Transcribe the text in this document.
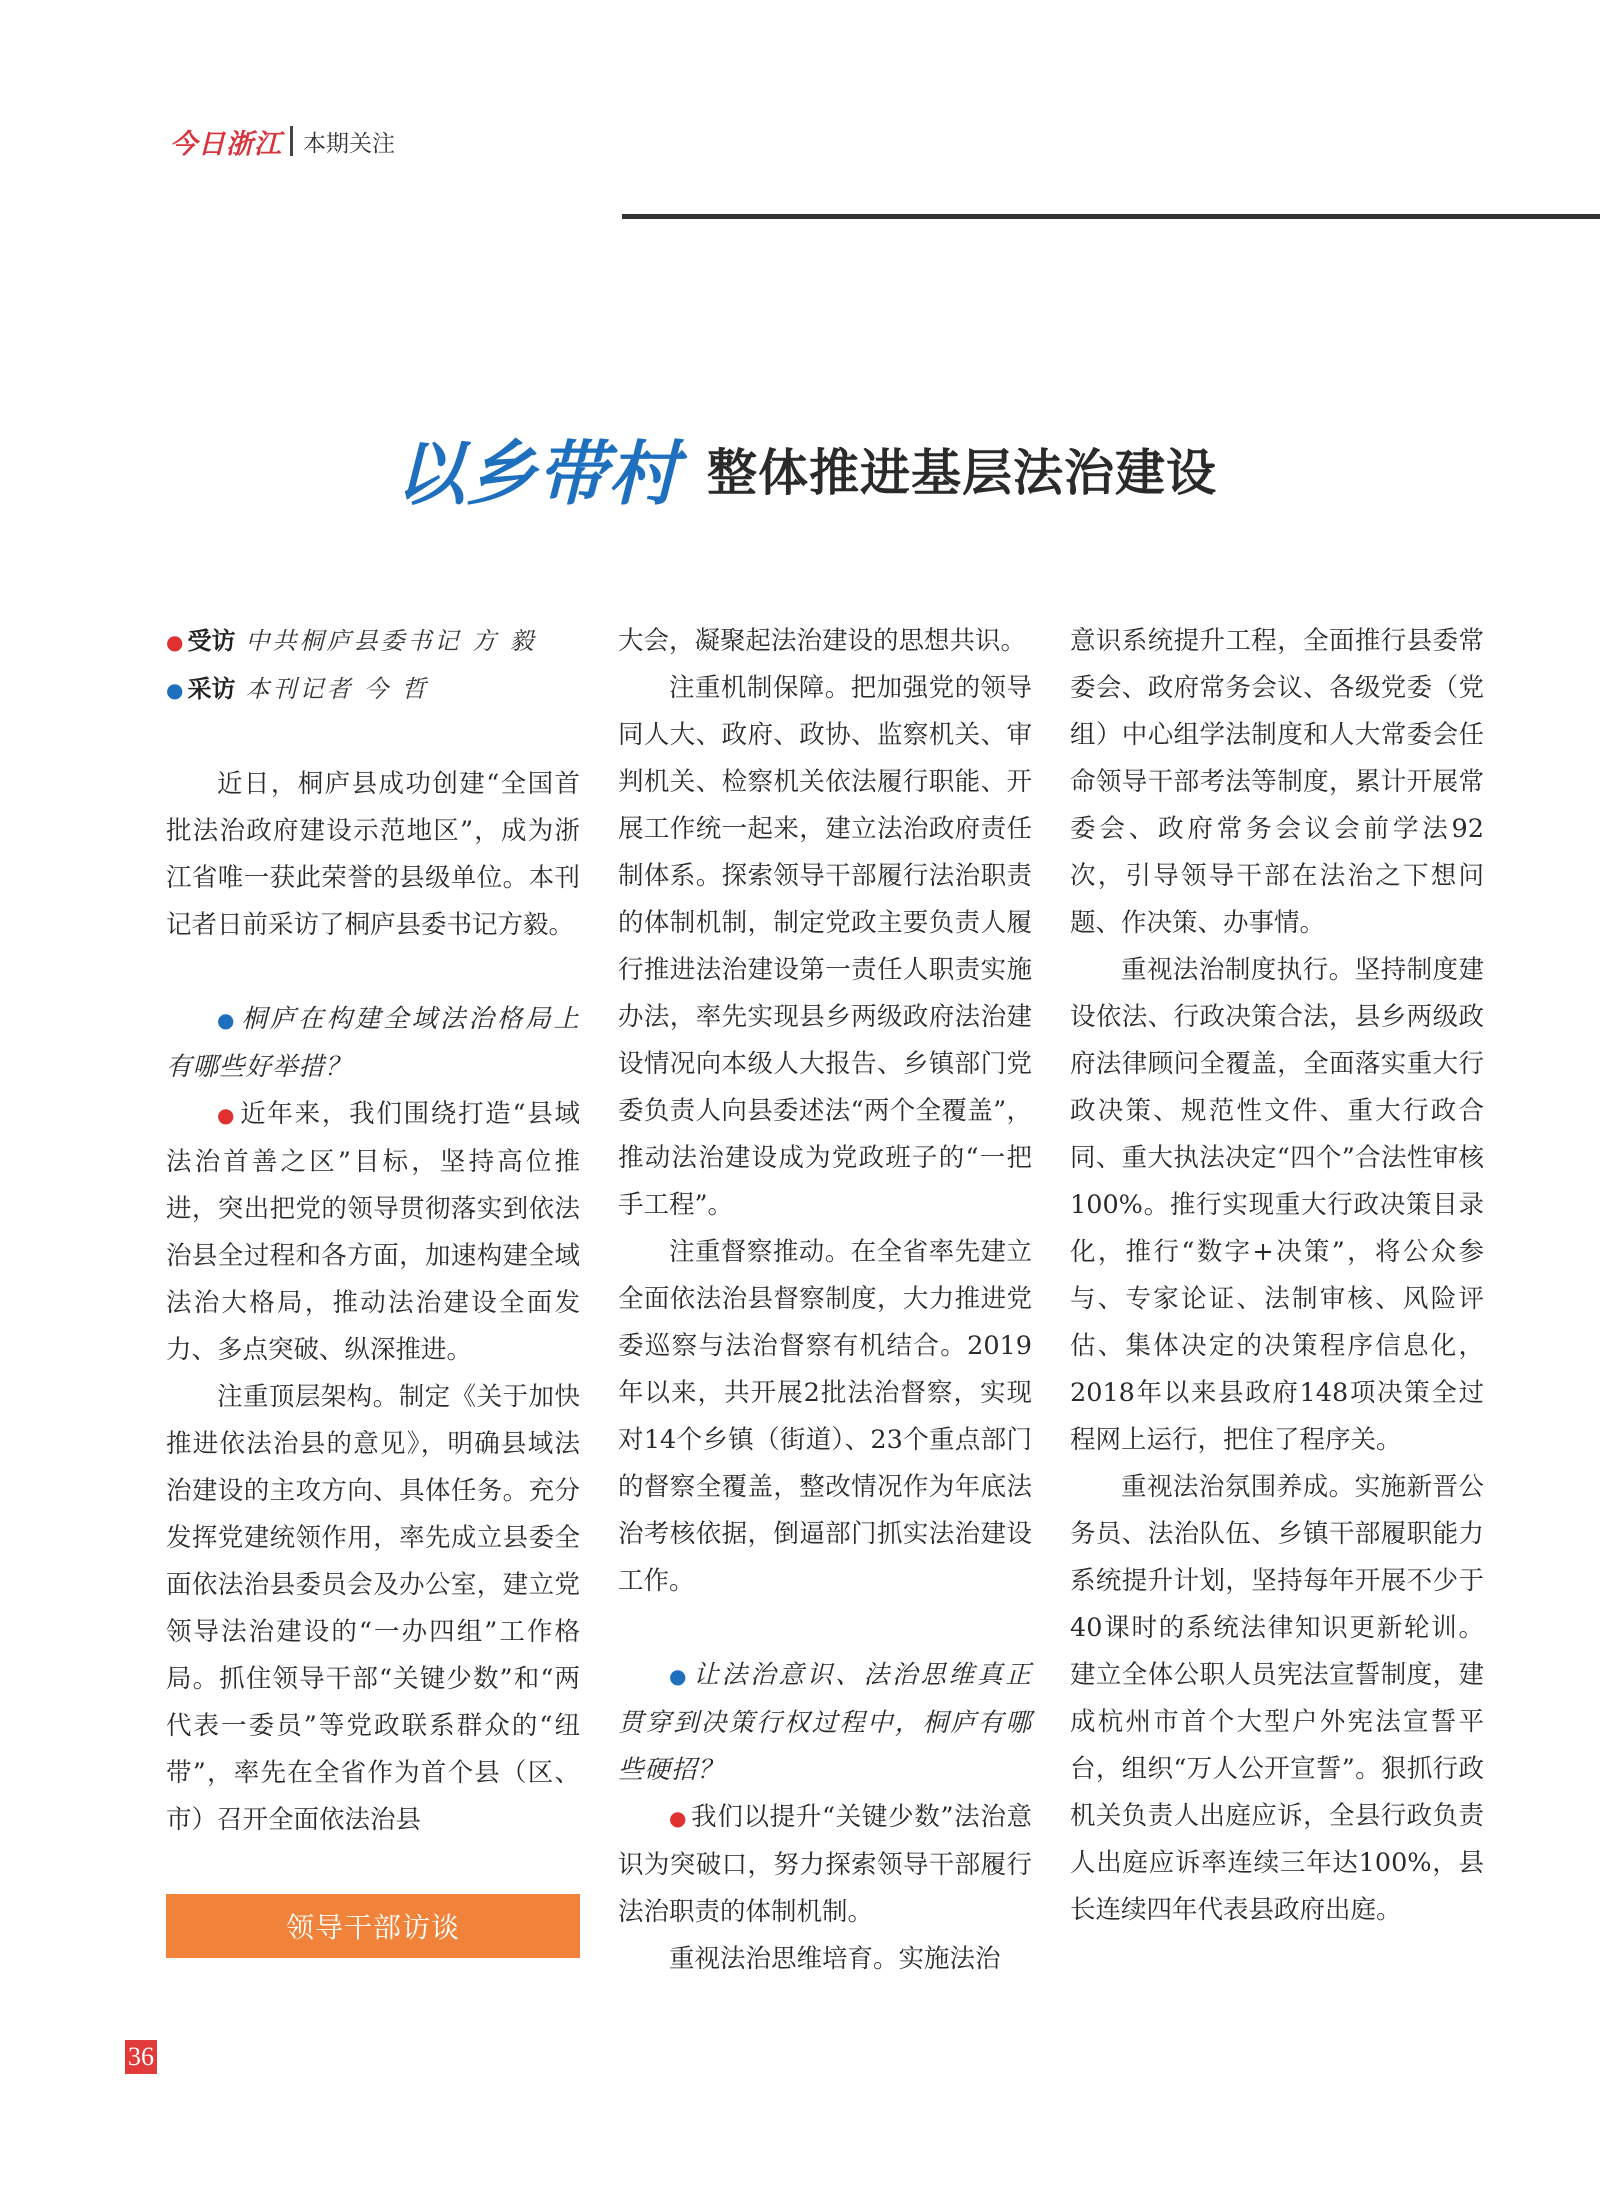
今日浙江 本期关注
以乡带村 整体推进基层法治建设

● 受访 中共桐庐县委书记 方 毅

● 采访 本刊记者 今 哲

近日，桐庐县成功创建“全国首批法治政府建设示范地区”，成为浙江省唯一获此荣誉的县级单位。本刊记者日前采访了桐庐县委书记方毅。

● 桐庐在构建全域法治格局上有哪些好举措？

● 近年来，我们围绕打造“县域法治首善之区”目标，坚持高位推进，突出把党的领导贯彻落实到依法治县全过程和各方面，加速构建全域法治大格局，推动法治建设全面发力、多点突破、纵深推进。

注重顶层架构。制定《关于加快推进依法治县的意见》，明确县域法治建设的主攻方向、具体任务。充分发挥党建统领作用，率先成立县委全面依法治县委员会及办公室，建立党领导法治建设的“一办四组”工作格局。抓住领导干部“关键少数”和“两代表一委员”等党政联系群众的“纽带”，率先在全省作为首个县（区、市）召开全面依法治县

大会，凝聚起法治建设的思想共识。

注重机制保障。把加强党的领导同人大、政府、政协、监察机关、审判机关、检察机关依法履行职能、开展工作统一起来，建立法治政府责任制体系。探索领导干部履行法治职责的体制机制，制定党政主要负责人履行推进法治建设第一责任人职责实施办法，率先实现县乡两级政府法治建设情况向本级人大报告、乡镇部门党委负责人向县委述法“两个全覆盖”，推动法治建设成为党政班子的“一把手工程”。

注重督察推动。在全省率先建立全面依法治县督察制度，大力推进党委巡察与法治督察有机结合。2019年以来，共开展2批法治督察，实现对14个乡镇（街道）、23个重点部门的督察全覆盖，整改情况作为年底法治考核依据，倒逼部门抓实法治建设工作。

● 让法治意识、法治思维真正贯穿到决策行权过程中，桐庐有哪些硬招？

● 我们以提升“关键少数”法治意识为突破口，努力探索领导干部履行法治职责的体制机制。

重视法治思维培育。实施法治

意识系统提升工程，全面推行县委常委会、政府常务会议、各级党委（党组）中心组学法制度和人大常委会任命领导干部考法等制度，累计开展常委会、政府常务会议会前学法92次，引导领导干部在法治之下想问题、作决策、办事情。

重视法治制度执行。坚持制度建设依法、行政决策合法，县乡两级政府法律顾问全覆盖，全面落实重大行政决策、规范性文件、重大行政合同、重大执法决定“四个”合法性审核100%。推行实现重大行政决策目录化，推行“数字+决策”，将公众参与、专家论证、法制审核、风险评估、集体决定的决策程序信息化，2018年以来县政府148项决策全过程网上运行，把住了程序关。

重视法治氛围养成。实施新晋公务员、法治队伍、乡镇干部履职能力系统提升计划，坚持每年开展不少于40课时的系统法律知识更新轮训。建立全体公职人员宪法宣誓制度，建成杭州市首个大型户外宪法宣誓平台，组织“万人公开宣誓”。狠抓行政机关负责人出庭应诉，全县行政负责人出庭应诉率连续三年达100%，县长连续四年代表县政府出庭。

领导干部访谈
36
